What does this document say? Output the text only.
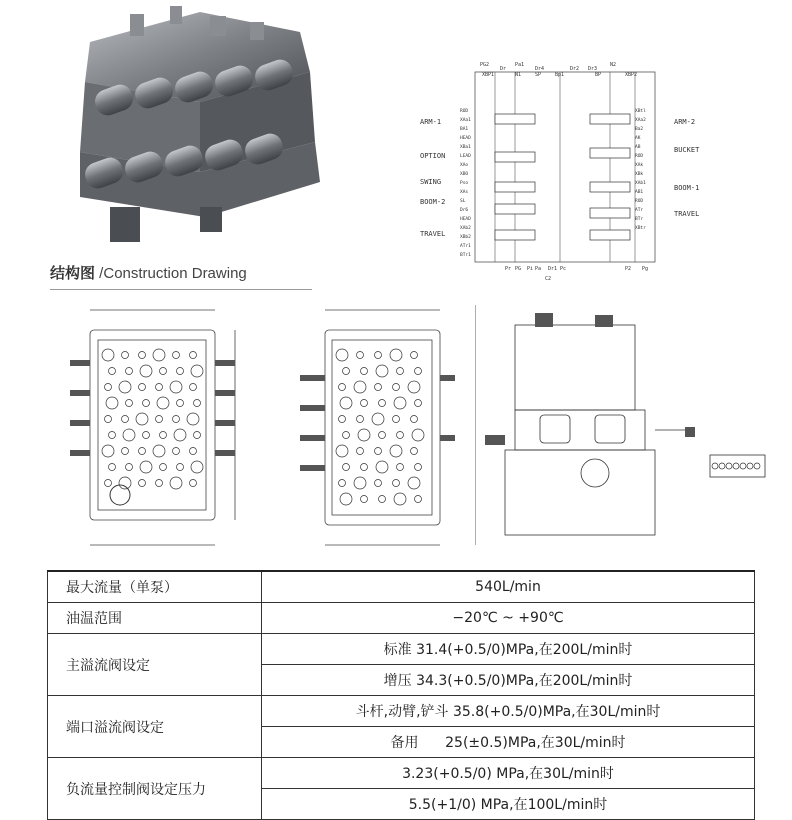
ARM-1
OPTION
SWING
BOOM-2
TRAVEL
ARM-2
BUCKET
BOOM-1
TRAVEL
PG2
Dr
Pa1
Dr4	Dr2 Dr3
N2
XBP1	N1	SP	Bp1	BP	XBP2
Pr PG Pi Pa Dr1 Pc	P2 Pg
C2
ROD
XAa1
BA1
HEAD
XBa1
LEAD
XAo
XBO
Pso
XAs
SL
Dr6
HEAD
XAb2
XBb2
ATr1
BTr1
XBtl
XAa2
Ba2
AK
AB
ROD
XAk
XBk
XAb1
AB1
ROD
ATr
BTr
XBtr
结构图 /Construction Drawing
最大流量（单泵）	540L/min
油温范围	−20℃ ~ +90℃
主溢流阀设定	标准 31.4(+0.5/0)MPa,在200L/min时
	增压 34.3(+0.5/0)MPa,在200L/min时
端口溢流阀设定	斗杆,动臂,铲斗 35.8(+0.5/0)MPa,在30L/min时
	备用      25(±0.5)MPa,在30L/min时
负流量控制阀设定压力	3.23(+0.5/0) MPa,在30L/min时
	5.5(+1/0) MPa,在100L/min时
